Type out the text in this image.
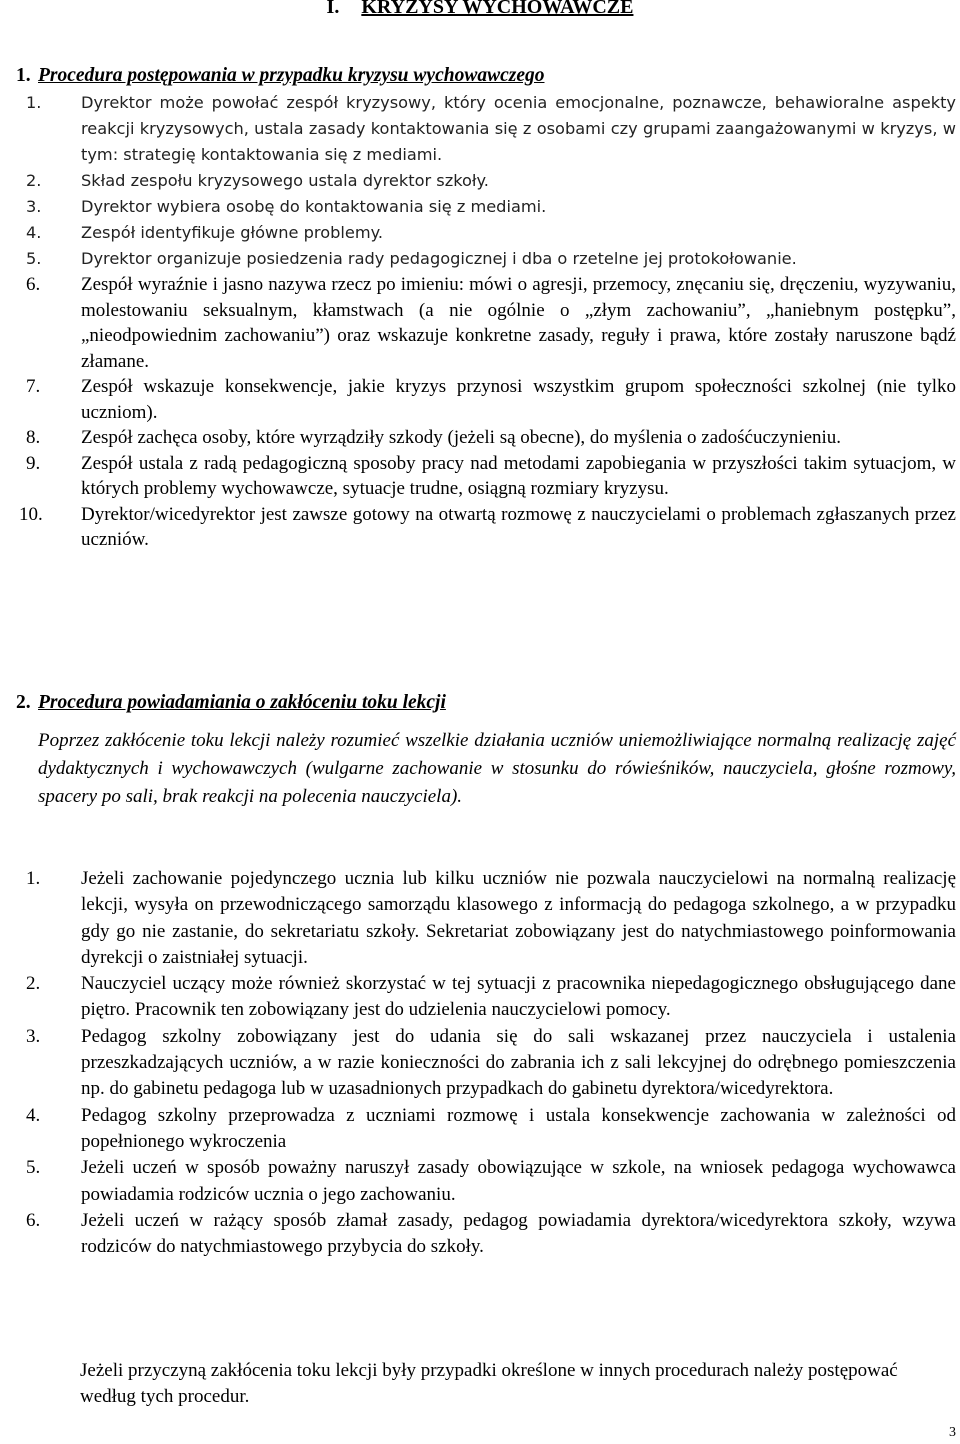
I. KRYZYSY WYCHOWAWCZE
1. Procedura postępowania w przypadku kryzysu wychowawczego
1. Dyrektor może powołać zespół kryzysowy, który ocenia emocjonalne, poznawcze, behawioralne aspekty reakcji kryzysowych, ustala zasady kontaktowania się z osobami czy grupami zaangażowanymi w kryzys, w tym: strategię kontaktowania się z mediami.
2. Skład zespołu kryzysowego ustala dyrektor szkoły.
3. Dyrektor wybiera osobę do kontaktowania się z mediami.
4. Zespół identyfikuje główne problemy.
5. Dyrektor organizuje posiedzenia rady pedagogicznej i dba o rzetelne jej protokołowanie.
6. Zespół wyraźnie i jasno nazywa rzecz po imieniu: mówi o agresji, przemocy, znęcaniu się, dręczeniu, wyzywaniu, molestowaniu seksualnym, kłamstwach (a nie ogólnie o „złym zachowaniu”, „haniebnym postępku”, „nieodpowiednim zachowaniu”) oraz wskazuje konkretne zasady, reguły i prawa, które zostały naruszone bądź złamane.
7. Zespół wskazuje konsekwencje, jakie kryzys przynosi wszystkim grupom społeczności szkolnej (nie tylko uczniom).
8. Zespół zachęca osoby, które wyrządziły szkody (jeżeli są obecne), do myślenia o zadośćuczynieniu.
9. Zespół ustala z radą pedagogiczną sposoby pracy nad metodami zapobiegania w przyszłości takim sytuacjom, w których problemy wychowawcze, sytuacje trudne, osiągną rozmiary kryzysu.
10. Dyrektor/wicedyrektor jest zawsze gotowy na otwartą rozmowę z nauczycielami o problemach zgłaszanych przez uczniów.
2. Procedura powiadamiania o zakłóceniu toku lekcji

Poprzez zakłócenie toku lekcji należy rozumieć wszelkie działania uczniów uniemożliwiające normalną realizację zajęć dydaktycznych i wychowawczych (wulgarne zachowanie w stosunku do rówieśników, nauczyciela, głośne rozmowy, spacery po sali, brak reakcji na polecenia nauczyciela).

1. Jeżeli zachowanie pojedynczego ucznia lub kilku uczniów nie pozwala nauczycielowi na normalną realizację lekcji, wysyła on przewodniczącego samorządu klasowego z informacją do pedagoga szkolnego, a w przypadku gdy go nie zastanie, do sekretariatu szkoły. Sekretariat zobowiązany jest do natychmiastowego poinformowania dyrekcji o zaistniałej sytuacji.
2. Nauczyciel uczący może również skorzystać w tej sytuacji z pracownika niepedagogicznego obsługującego dane piętro. Pracownik ten zobowiązany jest do udzielenia nauczycielowi pomocy.
3. Pedagog szkolny zobowiązany jest do udania się do sali wskazanej przez nauczyciela i ustalenia przeszkadzających uczniów, a w razie konieczności do zabrania ich z sali lekcyjnej do odrębnego pomieszczenia np. do gabinetu pedagoga lub w uzasadnionych przypadkach do gabinetu dyrektora/wicedyrektora.
4. Pedagog szkolny przeprowadza z uczniami rozmowę i ustala konsekwencje zachowania w zależności od popełnionego wykroczenia
5. Jeżeli uczeń w sposób poważny naruszył zasady obowiązujące w szkole, na wniosek pedagoga wychowawca powiadamia rodziców ucznia o jego zachowaniu.
6. Jeżeli uczeń w rażący sposób złamał zasady, pedagog powiadamia dyrektora/wicedyrektora szkoły, wzywa rodziców do natychmiastowego przybycia do szkoły.

Jeżeli przyczyną zakłócenia toku lekcji były przypadki określone w innych procedurach należy postępować według tych procedur.

3
